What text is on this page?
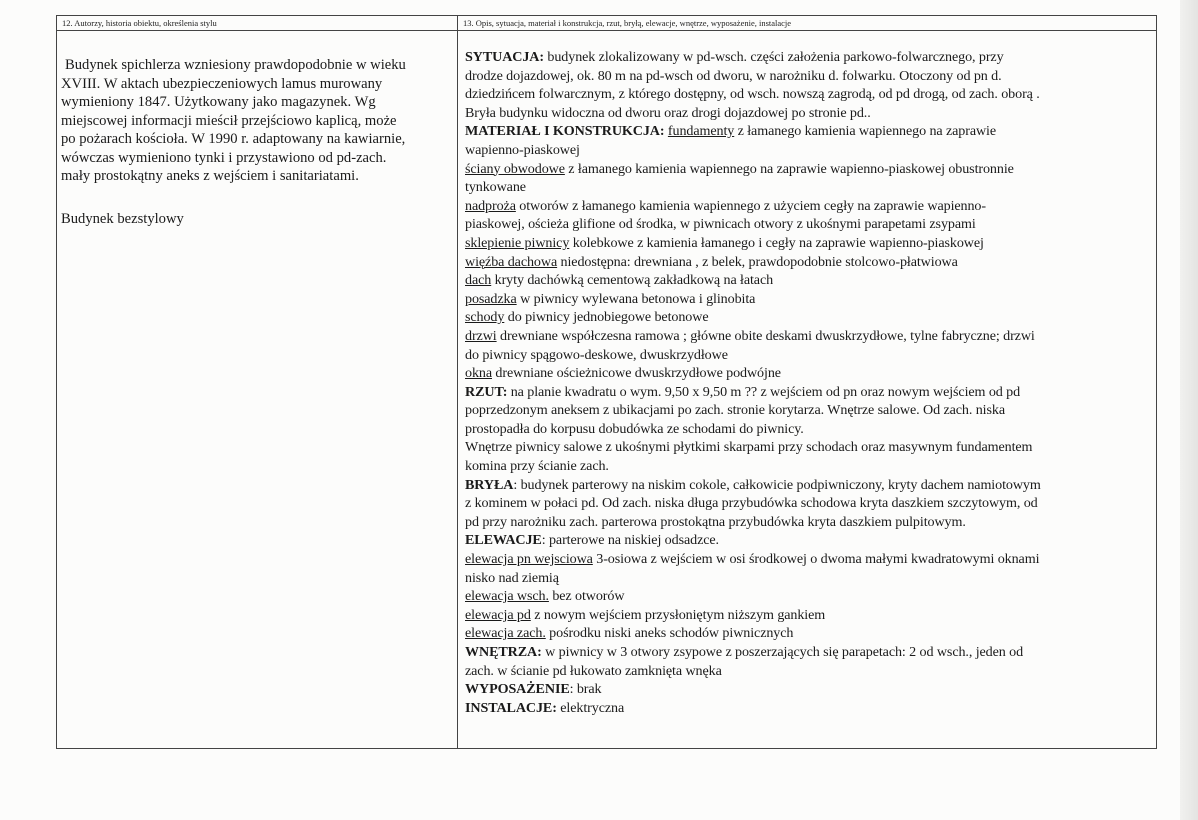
12. Autorzy, historia obiektu, określenia stylu

Budynek spichlerza wzniesiony prawdopodobnie w wieku

XVIII. W aktach ubezpieczeniowych lamus murowany

wymieniony 1847. Użytkowany jako magazynek. Wg

miejscowej informacji mieścił przejściowo kaplicą, może

po pożarach kościoła. W 1990 r. adaptowany na kawiarnie,

wówczas wymieniono tynki i przystawiono od pd-zach.

mały prostokątny aneks z wejściem i sanitariatami.

Budynek bezstylowy

13. Opis, sytuacja, materiał i konstrukcja, rzut, bryłą, elewacje, wnętrze, wyposażenie, instalacje
SYTUACJA: budynek zlokalizowany w pd-wsch. części założenia parkowo-folwarcznego, przy
drodze dojazdowej, ok. 80 m na pd-wsch od dworu, w narożniku d. folwarku. Otoczony od pn d.
dziedzińcem folwarcznym, z którego dostępny, od wsch. nowszą zagrodą, od pd drogą, od zach. oborą .
Bryła budynku widoczna od dworu oraz drogi dojazdowej po stronie pd..
MATERIAŁ I KONSTRUKCJA: fundamenty z łamanego kamienia wapiennego na zaprawie
wapienno-piaskowej
ściany obwodowe z łamanego kamienia wapiennego na zaprawie wapienno-piaskowej obustronnie
tynkowane
nadproża otworów z łamanego kamienia wapiennego z użyciem cegły na zaprawie wapienno-
piaskowej, ościeża glifione od środka, w piwnicach otwory z ukośnymi parapetami zsypami
sklepienie piwnicy kolebkowe z kamienia łamanego i cegły na zaprawie wapienno-piaskowej
więźba dachowa niedostępna: drewniana , z belek, prawdopodobnie stolcowo-płatwiowa
dach kryty dachówką cementową zakładkową na łatach
posadzka w piwnicy wylewana betonowa i glinobita
schody do piwnicy jednobiegowe betonowe
drzwi drewniane współczesna ramowa ; główne obite deskami dwuskrzydłowe, tylne fabryczne; drzwi
do piwnicy spągowo-deskowe, dwuskrzydłowe
okna drewniane ościeżnicowe dwuskrzydłowe podwójne
RZUT: na planie kwadratu o wym. 9,50 x 9,50 m ?? z wejściem od pn oraz nowym wejściem od pd
poprzedzonym aneksem z ubikacjami po zach. stronie korytarza. Wnętrze salowe. Od zach. niska
prostopadła do korpusu dobudówka ze schodami do piwnicy.
Wnętrze piwnicy salowe z ukośnymi płytkimi skarpami przy schodach oraz masywnym fundamentem
komina przy ścianie zach.
BRYŁA: budynek parterowy na niskim cokole, całkowicie podpiwniczony, kryty dachem namiotowym
z kominem w połaci pd. Od zach. niska długa przybudówka schodowa kryta daszkiem szczytowym, od
pd przy narożniku zach. parterowa prostokątna przybudówka kryta daszkiem pulpitowym.
ELEWACJE: parterowe na niskiej odsadzce.
elewacja pn wejsciowa 3-osiowa z wejściem w osi środkowej o dwoma małymi kwadratowymi oknami
nisko nad ziemią
elewacja wsch. bez otworów
elewacja pd z nowym wejściem przysłoniętym niższym gankiem
elewacja zach. pośrodku niski aneks schodów piwnicznych
WNĘTRZA: w piwnicy w 3 otwory zsypowe z poszerzających się parapetach: 2 od wsch., jeden od
zach. w ścianie pd łukowato zamknięta wnęka
WYPOSAŻENIE: brak
INSTALACJE: elektryczna
